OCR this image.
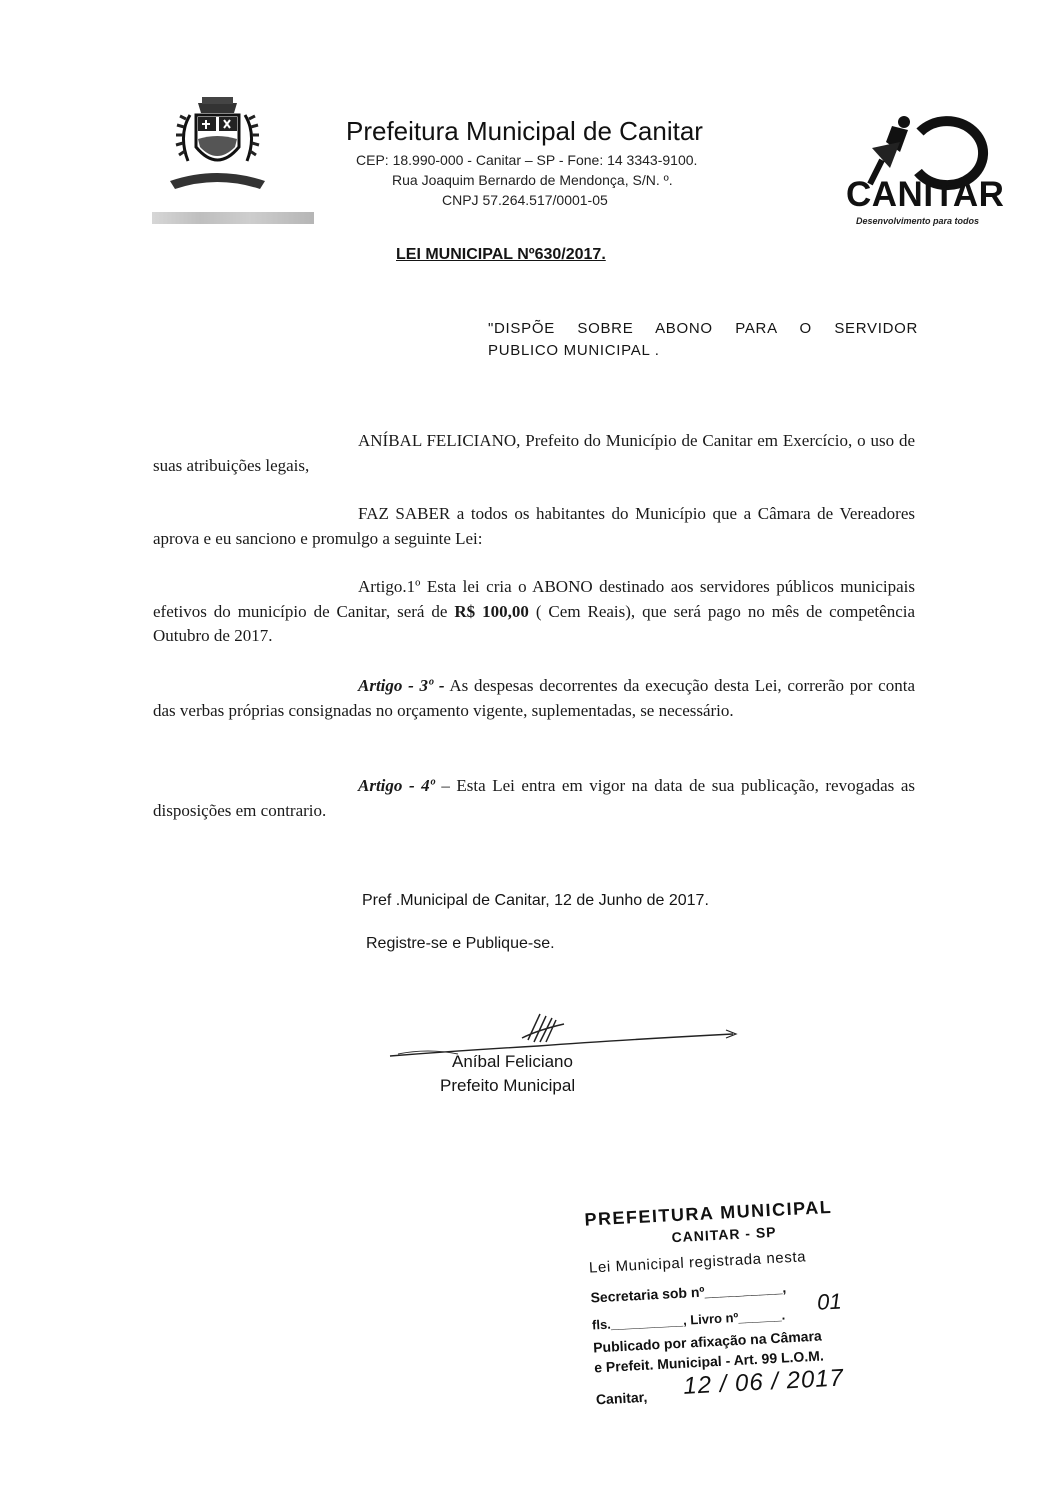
Prefeitura Municipal de Canitar
CEP: 18.990-000 - Canitar – SP - Fone: 14 3343-9100.
Rua Joaquim Bernardo de Mendonça, S/N. º.
CNPJ 57.264.517/0001-05	CANITAR
Desenvolvimento para todos
LEI MUNICIPAL Nº630/2017.
"DISPÕE SOBRE ABONO PARA O SERVIDOR
PUBLICO MUNICIPAL .
ANÍBAL FELICIANO, Prefeito do Município de Canitar em Exercício, o uso de suas atribuições legais,
FAZ SABER a todos os habitantes do Município que a Câmara de Vereadores aprova e eu sanciono e promulgo a seguinte Lei:
Artigo.1º Esta lei cria o ABONO destinado aos servidores públicos municipais efetivos do município de Canitar, será de R$ 100,00 ( Cem Reais), que será pago no mês de competência Outubro de 2017.
Artigo - 3º - As despesas decorrentes da execução desta Lei, correrão por conta das verbas próprias consignadas no orçamento vigente, suplementadas, se necessário.
Artigo - 4º – Esta Lei entra em vigor na data de sua publicação, revogadas as disposições em contrario.
Pref .Municipal de Canitar, 12 de Junho de 2017.
Registre-se e Publique-se.
Aníbal Feliciano
Prefeito Municipal
PREFEITURA MUNICIPAL
CANITAR - SP
Lei Municipal registrada nesta
Secretaria sob nº__________,
fls.__________, Livro nº______.
01
Publicado por afixação na Câmara
e Prefeit. Municipal - Art. 99 L.O.M.
Canitar, 12 / 06 / 2017
